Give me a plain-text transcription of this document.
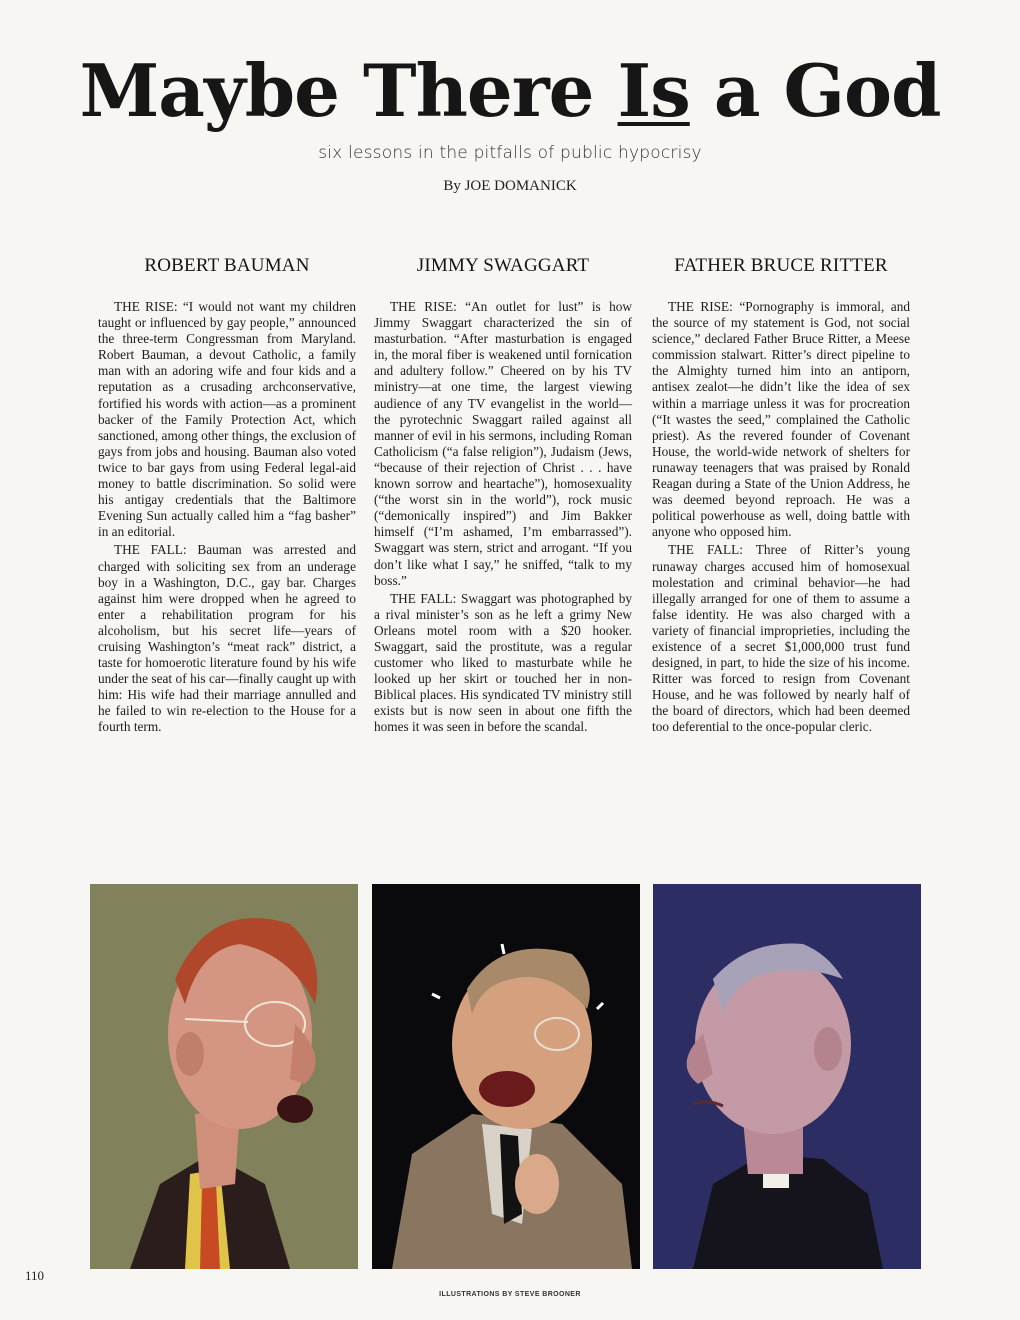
Maybe There Is a God
six lessons in the pitfalls of public hypocrisy
By JOE DOMANICK
ROBERT BAUMAN

THE RISE: “I would not want my children taught or influenced by gay people,” announced the three-term Congressman from Maryland. Robert Bauman, a devout Catholic, a family man with an adoring wife and four kids and a reputation as a crusading archconservative, fortified his words with action—as a prominent backer of the Family Protection Act, which sanctioned, among other things, the exclusion of gays from jobs and housing. Bauman also voted twice to bar gays from using Federal legal-aid money to battle discrimination. So solid were his antigay credentials that the Baltimore Evening Sun actually called him a “fag basher” in an editorial.

THE FALL: Bauman was arrested and charged with soliciting sex from an underage boy in a Washington, D.C., gay bar. Charges against him were dropped when he agreed to enter a rehabilitation program for his alcoholism, but his secret life—years of cruising Washington’s “meat rack” district, a taste for homoerotic literature found by his wife under the seat of his car—finally caught up with him: His wife had their marriage annulled and he failed to win re-election to the House for a fourth term.

JIMMY SWAGGART

THE RISE: “An outlet for lust” is how Jimmy Swaggart characterized the sin of masturbation. “After masturbation is engaged in, the moral fiber is weakened until fornication and adultery follow.” Cheered on by his TV ministry—at one time, the largest viewing audience of any TV evangelist in the world—the pyrotechnic Swaggart railed against all manner of evil in his sermons, including Roman Catholicism (“a false religion”), Judaism (Jews, “because of their rejection of Christ . . . have known sorrow and heartache”), homosexuality (“the worst sin in the world”), rock music (“demonically inspired”) and Jim Bakker himself (“I’m ashamed, I’m embarrassed”). Swaggart was stern, strict and arrogant. “If you don’t like what I say,” he sniffed, “talk to my boss.”

THE FALL: Swaggart was photographed by a rival minister’s son as he left a grimy New Orleans motel room with a $20 hooker. Swaggart, said the prostitute, was a regular customer who liked to masturbate while he looked up her skirt or touched her in non-Biblical places. His syndicated TV ministry still exists but is now seen in about one fifth the homes it was seen in before the scandal.

FATHER BRUCE RITTER

THE RISE: “Pornography is immoral, and the source of my statement is God, not social science,” declared Father Bruce Ritter, a Meese commission stalwart. Ritter’s direct pipeline to the Almighty turned him into an antiporn, antisex zealot—he didn’t like the idea of sex within a marriage unless it was for procreation (“It wastes the seed,” complained the Catholic priest). As the revered founder of Covenant House, the world-wide network of shelters for runaway teenagers that was praised by Ronald Reagan during a State of the Union Address, he was deemed beyond reproach. He was a political powerhouse as well, doing battle with anyone who opposed him.

THE FALL: Three of Ritter’s young runaway charges accused him of homosexual molestation and criminal behavior—he had illegally arranged for one of them to assume a false identity. He was also charged with a variety of financial improprieties, including the existence of a secret $1,000,000 trust fund designed, in part, to hide the size of his income. Ritter was forced to resign from Covenant House, and he was followed by nearly half of the board of directors, which had been deemed too deferential to the once-popular cleric.

110
ILLUSTRATIONS BY STEVE BROONER
